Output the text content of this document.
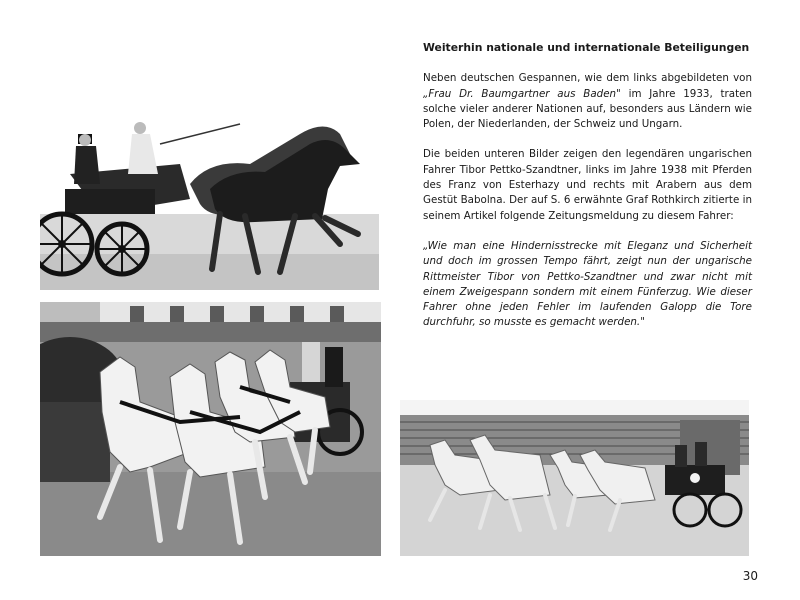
Weiterhin nationale und internationale Beteiligungen

Neben deutschen Gespannen, wie dem links abgebildeten von „Frau Dr. Baumgartner aus Baden" im Jahre 1933, traten solche vieler anderer Nationen auf, besonders aus Ländern wie Polen, der Niederlanden, der Schweiz und Ungarn.

Die beiden unteren Bilder zeigen den legendären ungarischen Fahrer Tibor Pettko-Szandtner, links im Jahre 1938 mit Pferden des Franz von Esterhazy und rechts mit Arabern aus dem Gestüt Babolna. Der auf S. 6 erwähnte Graf Rothkirch zitierte in seinem Artikel folgende Zeitungsmeldung zu diesem Fahrer:

„Wie man eine Hindernisstrecke mit Eleganz und Sicherheit und doch im grossen Tempo fährt, zeigt nun der ungarische Rittmeister Tibor von Pettko-Szandtner und zwar nicht mit einem Zweigespann sondern mit einem Fünferzug. Wie dieser Fahrer ohne jeden Fehler im laufenden Galopp die Tore durchfuhr, so musste es gemacht werden."

30
